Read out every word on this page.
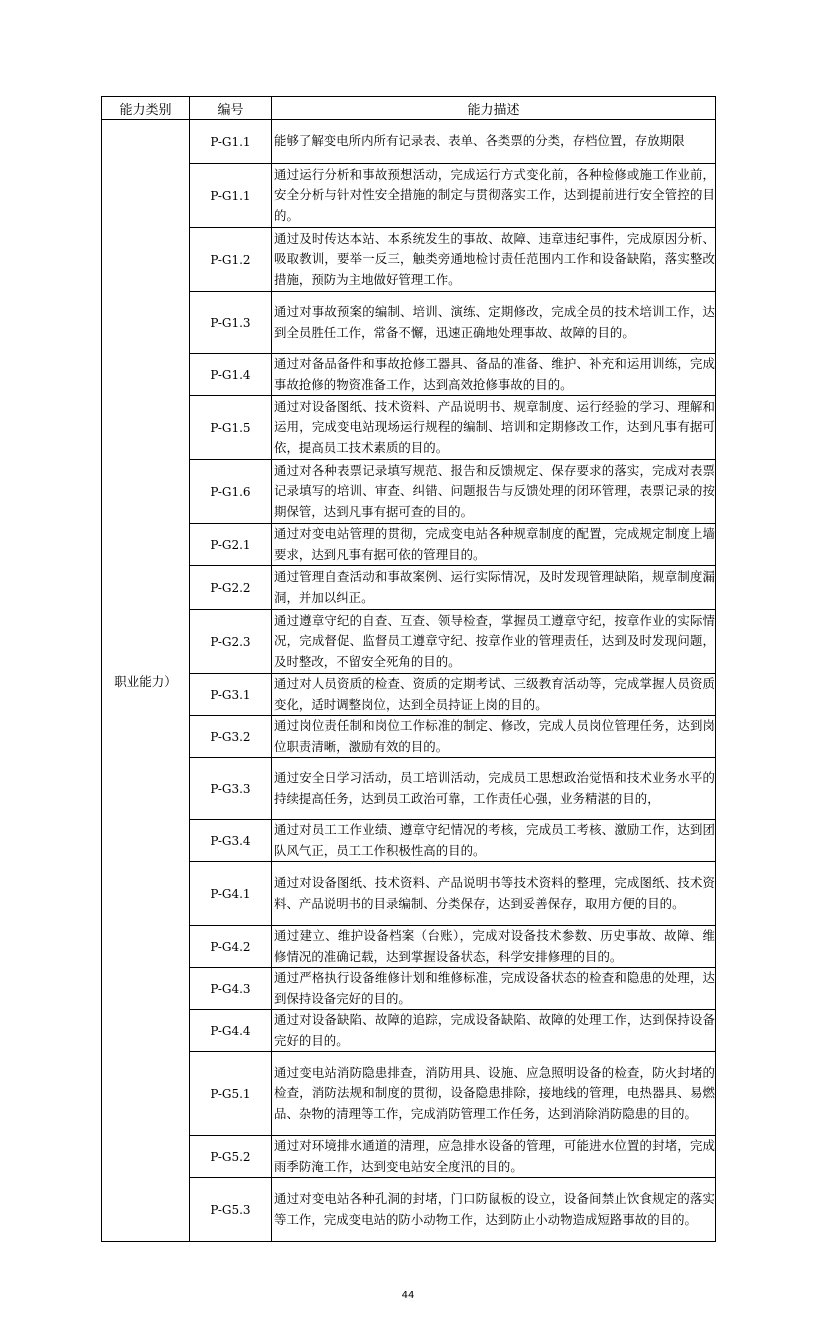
能力类别	编号	能力描述
职业能力）	P-G1.1	能够了解变电所内所有记录表、表单、各类票的分类，存档位置，存放期限
	P-G1.1	通过运行分析和事故预想活动，完成运行方式变化前，各种检修或施工作业前，安全分析与针对性安全措施的制定与贯彻落实工作，达到提前进行安全管控的目的。
	P-G1.2	通过及时传达本站、本系统发生的事故、故障、违章违纪事件，完成原因分析、吸取教训，要举一反三，触类旁通地检讨责任范围内工作和设备缺陷，落实整改措施，预防为主地做好管理工作。
	P-G1.3	通过对事故预案的编制、培训、演练、定期修改，完成全员的技术培训工作，达到全员胜任工作，常备不懈，迅速正确地处理事故、故障的目的。
	P-G1.4	通过对备品备件和事故抢修工器具、备品的准备、维护、补充和运用训练，完成事故抢修的物资准备工作，达到高效抢修事故的目的。
	P-G1.5	通过对设备图纸、技术资料、产品说明书、规章制度、运行经验的学习、理解和运用，完成变电站现场运行规程的编制、培训和定期修改工作，达到凡事有据可依，提高员工技术素质的目的。
	P-G1.6	通过对各种表票记录填写规范、报告和反馈规定、保存要求的落实，完成对表票记录填写的培训、审查、纠错、问题报告与反馈处理的闭环管理，表票记录的按期保管，达到凡事有据可查的目的。
	P-G2.1	通过对变电站管理的贯彻，完成变电站各种规章制度的配置，完成规定制度上墙要求，达到凡事有据可依的管理目的。
	P-G2.2	通过管理自查活动和事故案例、运行实际情况，及时发现管理缺陷，规章制度漏洞，并加以纠正。
	P-G2.3	通过遵章守纪的自查、互查、领导检查，掌握员工遵章守纪，按章作业的实际情况，完成督促、监督员工遵章守纪、按章作业的管理责任，达到及时发现问题，及时整改，不留安全死角的目的。
	P-G3.1	通过对人员资质的检查、资质的定期考试、三级教育活动等，完成掌握人员资质变化，适时调整岗位，达到全员持证上岗的目的。
	P-G3.2	通过岗位责任制和岗位工作标准的制定、修改，完成人员岗位管理任务，达到岗位职责清晰，激励有效的目的。
	P-G3.3	通过安全日学习活动，员工培训活动，完成员工思想政治觉悟和技术业务水平的持续提高任务，达到员工政治可靠，工作责任心强，业务精湛的目的，
	P-G3.4	通过对员工工作业绩、遵章守纪情况的考核，完成员工考核、激励工作，达到团队风气正，员工工作积极性高的目的。
	P-G4.1	通过对设备图纸、技术资料、产品说明书等技术资料的整理，完成图纸、技术资料、产品说明书的目录编制、分类保存，达到妥善保存，取用方便的目的。
	P-G4.2	通过建立、维护设备档案（台账），完成对设备技术参数、历史事故、故障、维修情况的准确记载，达到掌握设备状态，科学安排修理的目的。
	P-G4.3	通过严格执行设备维修计划和维修标准，完成设备状态的检查和隐患的处理，达到保持设备完好的目的。
	P-G4.4	通过对设备缺陷、故障的追踪，完成设备缺陷、故障的处理工作，达到保持设备完好的目的。
	P-G5.1	通过变电站消防隐患排查，消防用具、设施、应急照明设备的检查，防火封堵的检查，消防法规和制度的贯彻，设备隐患排除，接地线的管理，电热器具、易燃品、杂物的清理等工作，完成消防管理工作任务，达到消除消防隐患的目的。
	P-G5.2	通过对环境排水通道的清理，应急排水设备的管理，可能进水位置的封堵，完成雨季防淹工作，达到变电站安全度汛的目的。
	P-G5.3	通过对变电站各种孔洞的封堵，门口防鼠板的设立，设备间禁止饮食规定的落实等工作，完成变电站的防小动物工作，达到防止小动物造成短路事故的目的。
44
